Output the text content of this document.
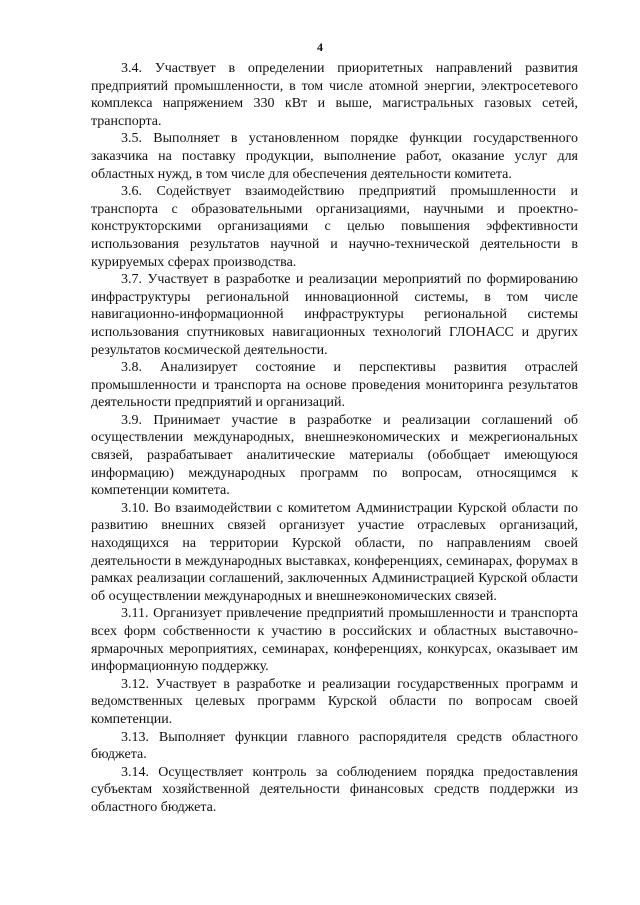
4

3.4. Участвует в определении приоритетных направлений развития предприятий промышленности, в том числе атомной энергии, электросетевого комплекса напряжением 330 кВт и выше, магистральных газовых сетей, транспорта.

3.5. Выполняет в установленном порядке функции государственного заказчика на поставку продукции, выполнение работ, оказание услуг для областных нужд, в том числе для обеспечения деятельности комитета.

3.6. Содействует взаимодействию предприятий промышленности и транспорта с образовательными организациями, научными и проектно-конструкторскими организациями с целью повышения эффективности использования результатов научной и научно-технической деятельности в курируемых сферах производства.

3.7. Участвует в разработке и реализации мероприятий по формированию инфраструктуры региональной инновационной системы, в том числе навигационно-информационной инфраструктуры региональной системы использования спутниковых навигационных технологий ГЛОНАСС и других результатов космической деятельности.

3.8. Анализирует состояние и перспективы развития отраслей промышленности и транспорта на основе проведения мониторинга результатов деятельности предприятий и организаций.

3.9. Принимает участие в разработке и реализации соглашений об осуществлении международных, внешнеэкономических и межрегиональных связей, разрабатывает аналитические материалы (обобщает имеющуюся информацию) международных программ по вопросам, относящимся к компетенции комитета.

3.10. Во взаимодействии с комитетом Администрации Курской области по развитию внешних связей организует участие отраслевых организаций, находящихся на территории Курской области, по направлениям своей деятельности в международных выставках, конференциях, семинарах, форумах в рамках реализации соглашений, заключенных Администрацией Курской области об осуществлении международных и внешнеэкономических связей.

3.11. Организует привлечение предприятий промышленности и транспорта всех форм собственности к участию в российских и областных выставочно-ярмарочных мероприятиях, семинарах, конференциях, конкурсах, оказывает им информационную поддержку.

3.12. Участвует в разработке и реализации государственных программ и ведомственных целевых программ Курской области по вопросам своей компетенции.

3.13. Выполняет функции главного распорядителя средств областного бюджета.

3.14. Осуществляет контроль за соблюдением порядка предоставления субъектам хозяйственной деятельности финансовых средств поддержки из областного бюджета.
